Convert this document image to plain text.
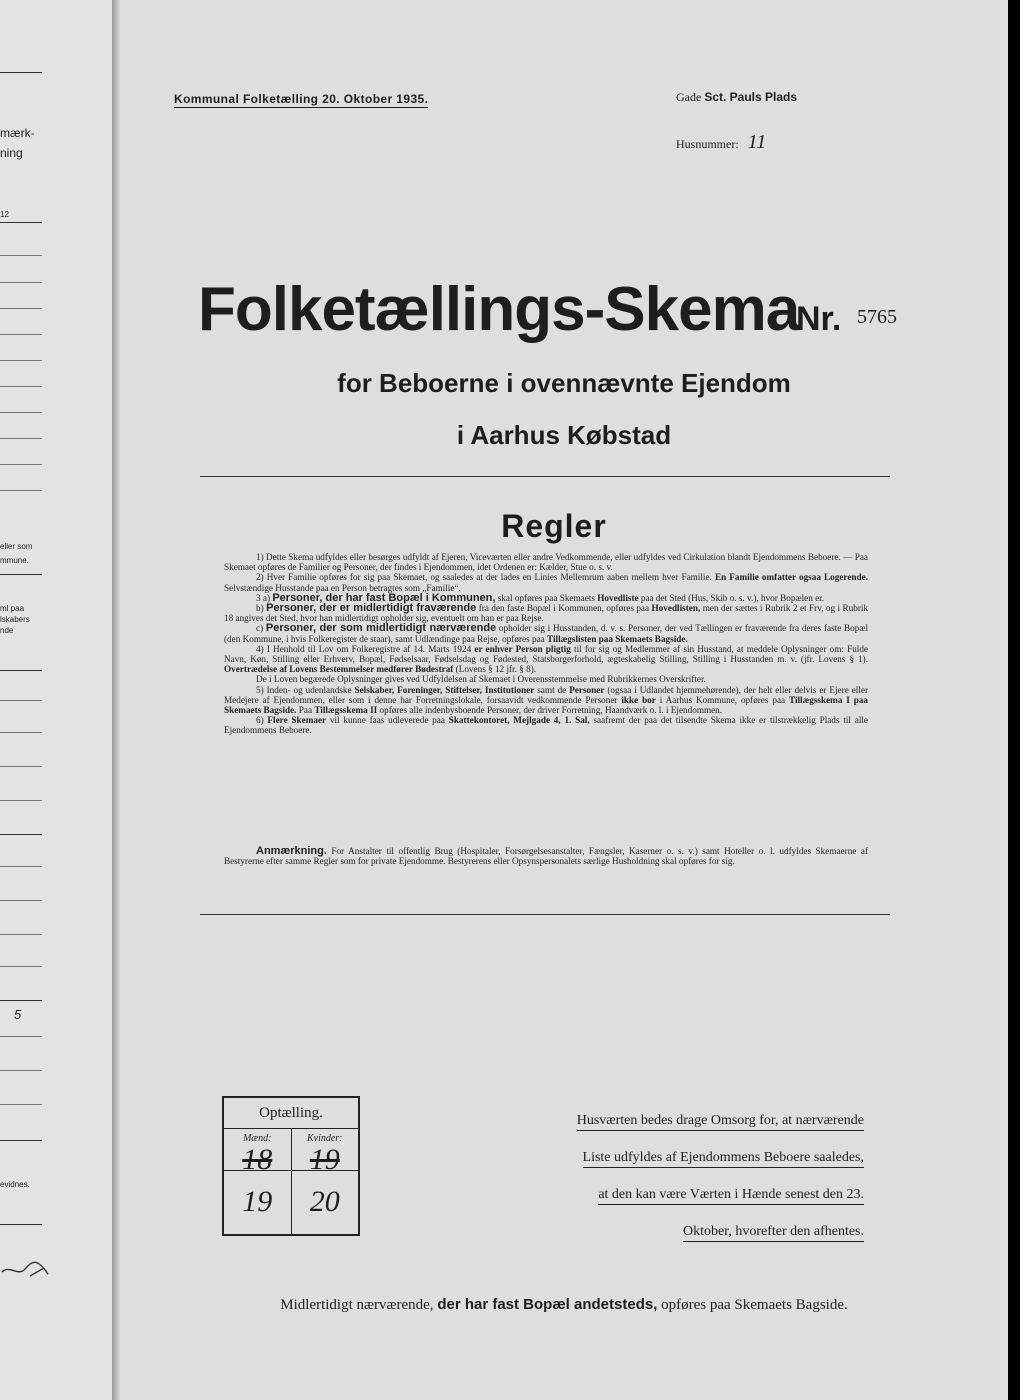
mærk-
ning
12
eller som
mmune.
ml paa
lskabers
nde
5
evidnes.
Kommunal Folketælling 20. Oktober 1935.	Gade Sct. Pauls Plads
Husnummer: 11
Folketællings-Skema
Nr. 5765
for Beboerne i ovennævnte Ejendom
i Aarhus Købstad
Regler

1) Dette Skema udfyldes eller besørges udfyldt af Ejeren, Viceværten eller andre Vedkommende, eller udfyldes ved Cirkulation blandt Ejendommens Beboere. — Paa Skemaet opføres de Familier og Personer, der findes i Ejendommen, idet Ordenen er: Kælder, Stue o. s. v.

2) Hver Familie opføres for sig paa Skemaet, og saaledes at der lades en Linies Mellemrum aaben mellem hver Familie. En Familie omfatter ogsaa Logerende. Selvstændige Husstande paa en Person betragtes som „Familie“.

3 a) Personer, der har fast Bopæl i Kommunen, skal opføres paa Skemaets Hovedliste paa det Sted (Hus, Skib o. s. v.), hvor Bopælen er.

b) Personer, der er midlertidigt fraværende fra den faste Bopæl i Kommunen, opføres paa Hovedlisten, men der sættes i Rubrik 2 et Frv, og i Rubrik 18 angives det Sted, hvor han midlertidigt opholder sig, eventuelt om han er paa Rejse.

c) Personer, der som midlertidigt nærværende opholder sig i Husstanden, d. v. s. Personer, der ved Tællingen er fraværende fra deres faste Bopæl (den Kommune, i hvis Folkeregister de staar), samt Udlændinge paa Rejse, opføres paa Tillægslisten paa Skemaets Bagside.

4) I Henhold til Lov om Folkeregistre af 14. Marts 1924 er enhver Person pligtig til for sig og Medlemmer af sin Husstand, at meddele Oplysninger om: Fulde Navn, Køn, Stilling eller Erhverv, Bopæl, Fødselsaar, Fødselsdag og Fødested, Statsborgerforhold, ægteskabelig Stilling, Stilling i Husstanden m. v. (jfr. Lovens § 1). Overtrædelse af Lovens Bestemmelser medfører Bødestraf (Lovens § 12 jfr. § 8).

De i Loven begærede Oplysninger gives ved Udfyldelsen af Skemaet i Overensstemmelse med Rubrikkernes Overskrifter.

5) Inden- og udenlandske Selskaber, Foreninger, Stiftelser, Institutioner samt de Personer (ogsaa i Udlandet hjemmehørende), der helt eller delvis er Ejere eller Medejere af Ejendommen, eller som i denne har Forretningslokale, forsaavidt vedkommende Personer ikke bor i Aarhus Kommune, opføres paa Tillægsskema I paa Skemaets Bagside. Paa Tillægsskema II opføres alle indenbysboende Personer, der driver Forretning, Haandværk o. l. i Ejendommen.

6) Flere Skemaer vil kunne faas udleverede paa Skattekontoret, Mejlgade 4, 1. Sal, saafremt der paa det tilsendte Skema ikke er tilstrækkelig Plads til alle Ejendommens Beboere.

Anmærkning. For Anstalter til offentlig Brug (Hospitaler, Forsørgelsesanstalter, Fængsler, Kaserner o. s. v.) samt Hoteller o. l. udfyldes Skemaerne af Bestyrerne efter samme Regler som for private Ejendomme. Bestyrerens eller Opsynspersonalets særlige Husholdning skal opføres for sig.
Optælling.
Mænd:
18
19
Kvinder:
19
20
Husværten bedes drage Omsorg for, at nærværende
Liste udfyldes af Ejendommens Beboere saaledes,
at den kan være Værten i Hænde senest den 23.
Oktober, hvorefter den afhentes.
Midlertidigt nærværende, der har fast Bopæl andetsteds, opføres paa Skemaets Bagside.
